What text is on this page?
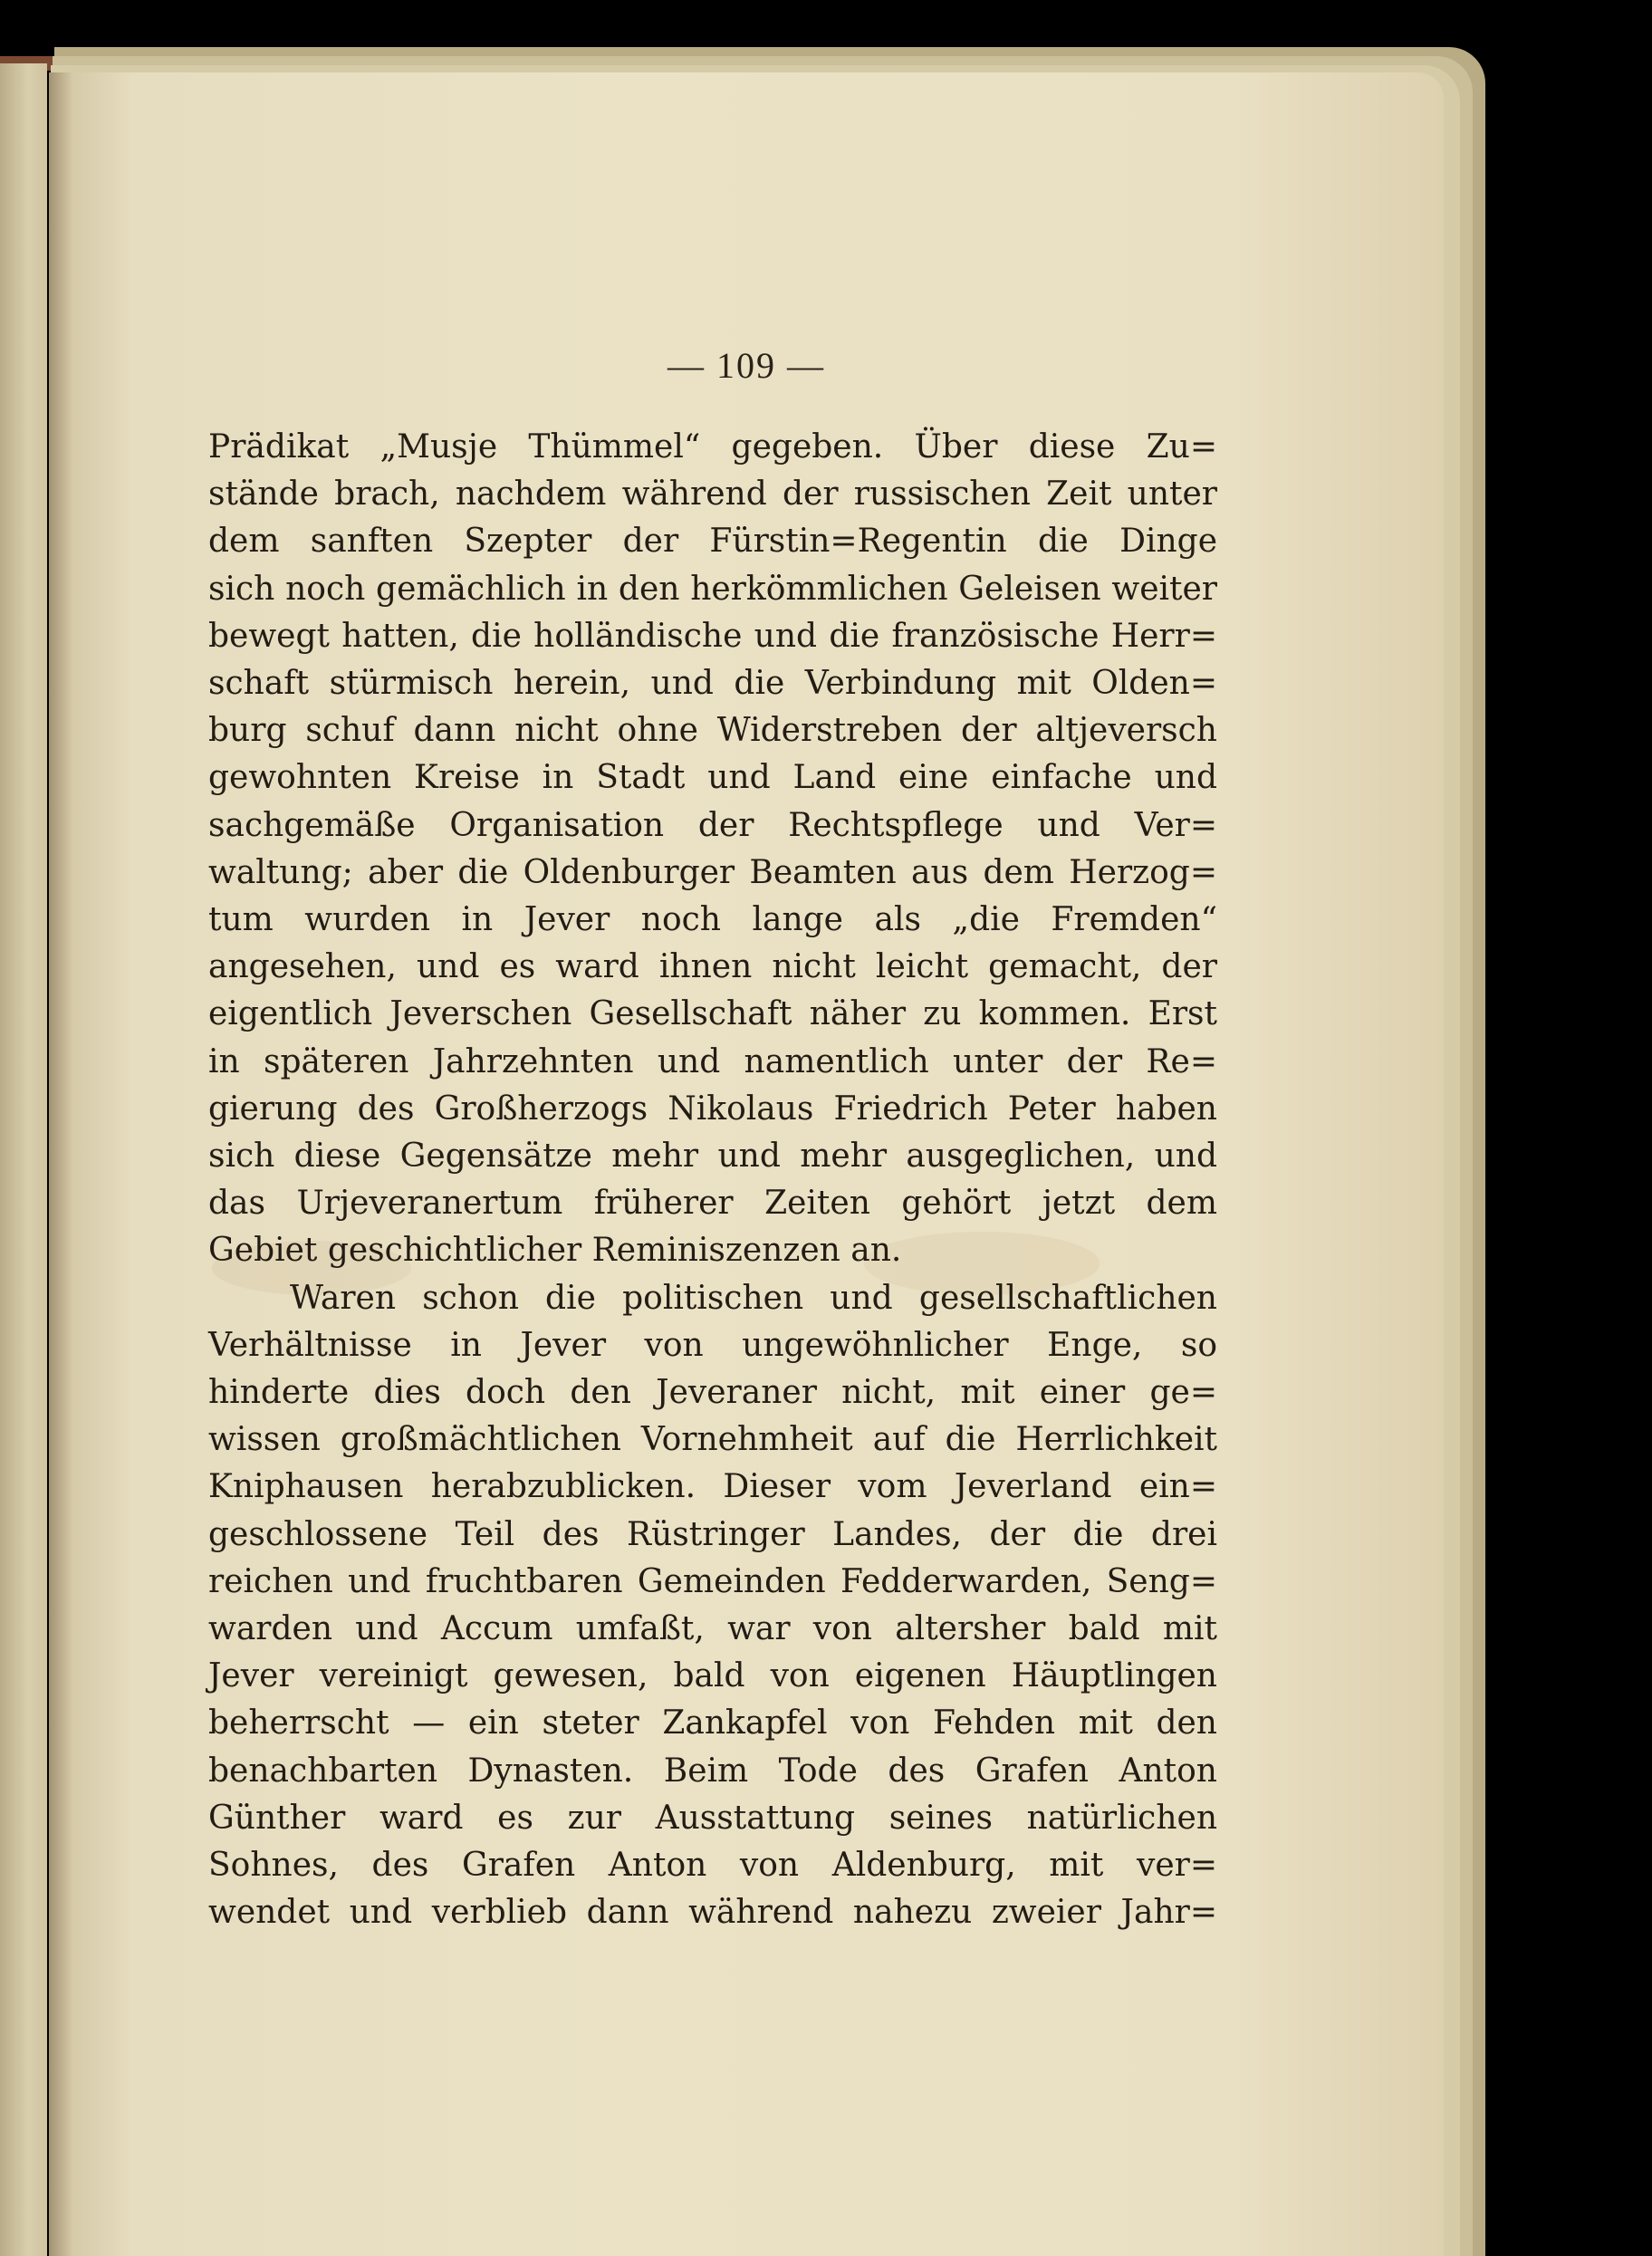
— 109 —
Prädikat „Musje Thümmel“ gegeben. Über diese Zu=
stände brach, nachdem während der russischen Zeit unter
dem sanften Szepter der Fürstin=Regentin die Dinge
sich noch gemächlich in den herkömmlichen Geleisen weiter
bewegt hatten, die holländische und die französische Herr=
schaft stürmisch herein, und die Verbindung mit Olden=
burg schuf dann nicht ohne Widerstreben der altjeversch
gewohnten Kreise in Stadt und Land eine einfache und
sachgemäße Organisation der Rechtspflege und Ver=
waltung; aber die Oldenburger Beamten aus dem Herzog=
tum wurden in Jever noch lange als „die Fremden“
angesehen, und es ward ihnen nicht leicht gemacht, der
eigentlich Jeverschen Gesellschaft näher zu kommen. Erst
in späteren Jahrzehnten und namentlich unter der Re=
gierung des Großherzogs Nikolaus Friedrich Peter haben
sich diese Gegensätze mehr und mehr ausgeglichen, und
das Urjeveranertum früherer Zeiten gehört jetzt dem
Gebiet geschichtlicher Reminiszenzen an.
Waren schon die politischen und gesellschaftlichen
Verhältnisse in Jever von ungewöhnlicher Enge, so
hinderte dies doch den Jeveraner nicht, mit einer ge=
wissen großmächtlichen Vornehmheit auf die Herrlichkeit
Kniphausen herabzublicken. Dieser vom Jeverland ein=
geschlossene Teil des Rüstringer Landes, der die drei
reichen und fruchtbaren Gemeinden Fedderwarden, Seng=
warden und Accum umfaßt, war von altersher bald mit
Jever vereinigt gewesen, bald von eigenen Häuptlingen
beherrscht — ein steter Zankapfel von Fehden mit den
benachbarten Dynasten. Beim Tode des Grafen Anton
Günther ward es zur Ausstattung seines natürlichen
Sohnes, des Grafen Anton von Aldenburg, mit ver=
wendet und verblieb dann während nahezu zweier Jahr=
